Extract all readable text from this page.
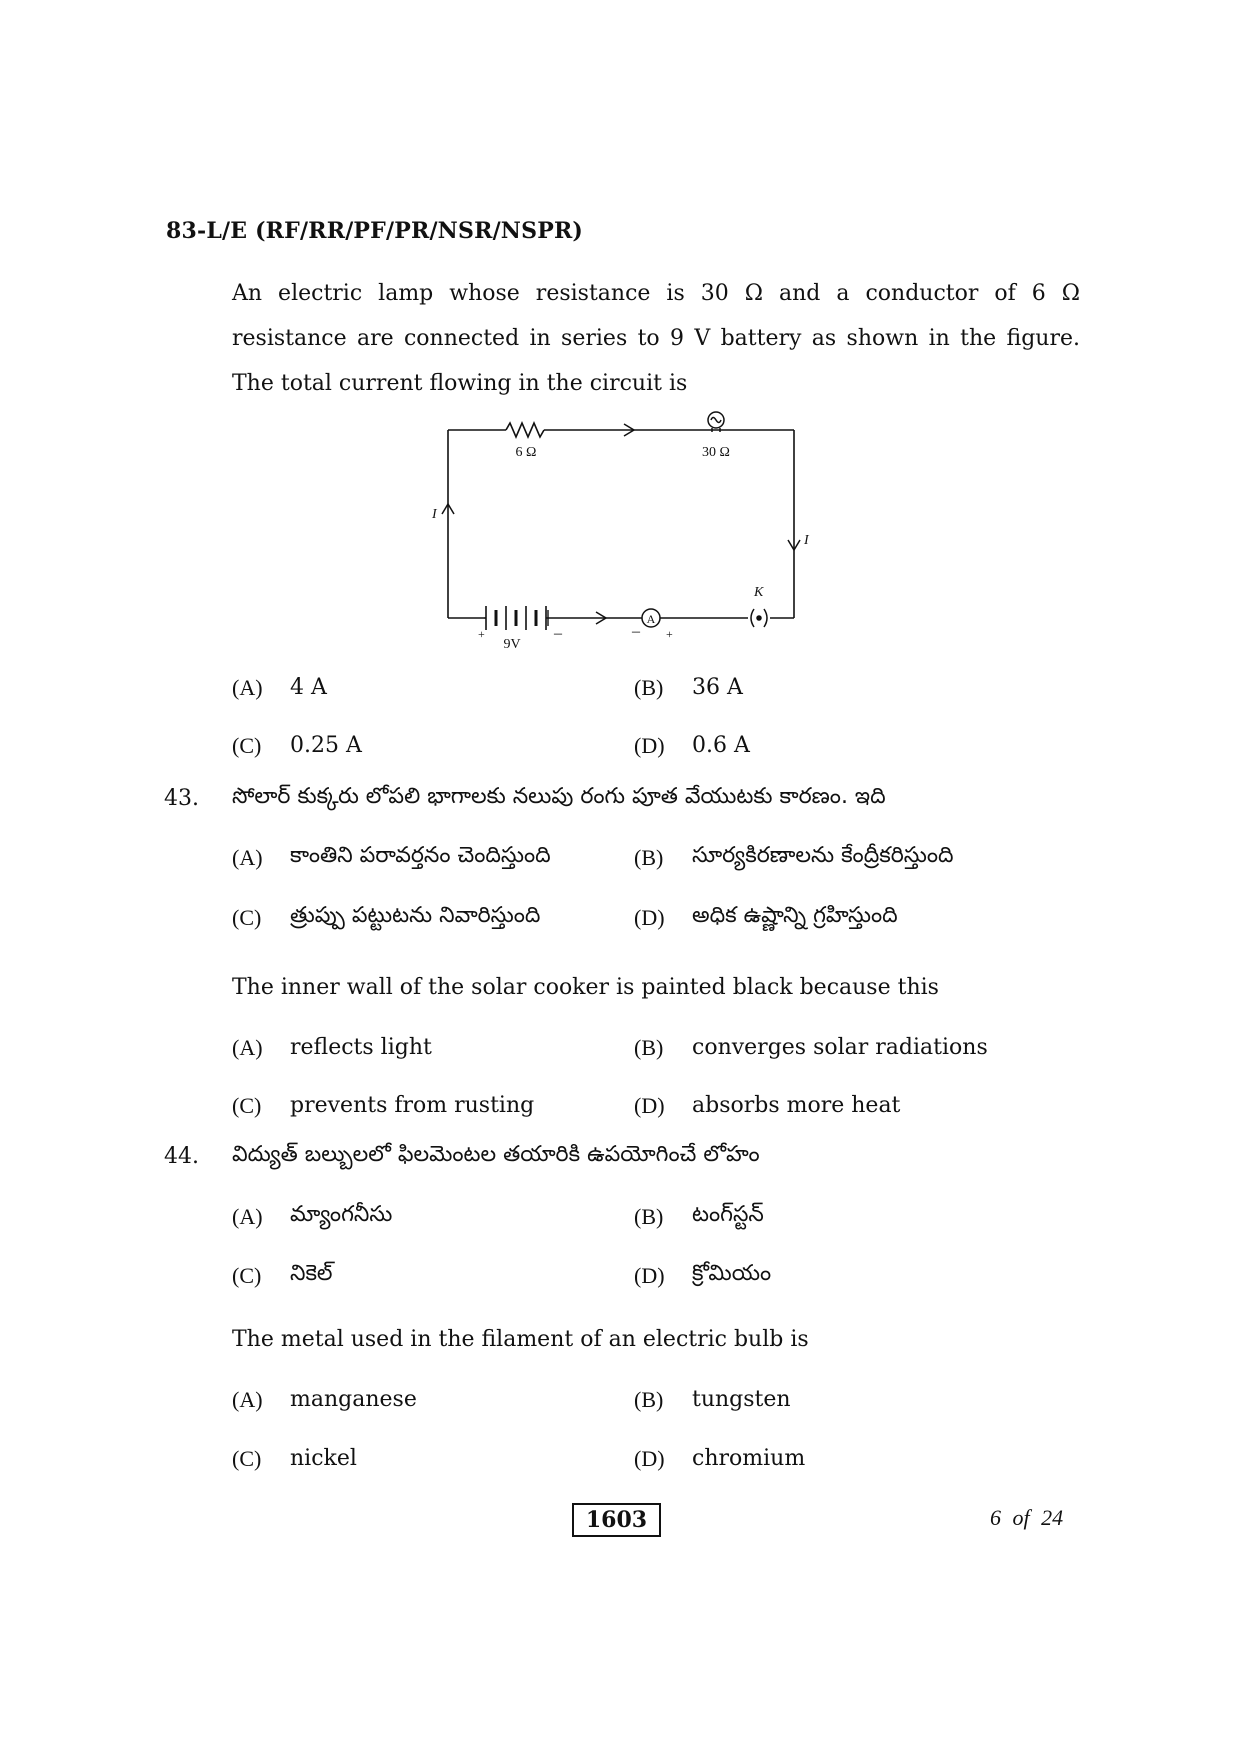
83-L/E (RF/RR/PF/PR/NSR/NSPR)
An electric lamp whose resistance is 30 Ω and a conductor of 6 Ω
resistance are connected in series to 9 V battery as shown in the figure.
The total current flowing in the circuit is
A
6 Ω	30 Ω
I
I
K
9V
+	–	– +
(A) 4 A	(B) 36 A
(C) 0.25 A	(D) 0.6 A
43. సోలార్ కుక్కరు లోపలి భాగాలకు నలుపు రంగు పూత వేయుటకు కారణం. ఇది
(A) కాంతిని పరావర్తనం చెందిస్తుంది	(B) సూర్యకిరణాలను కేంద్రీకరిస్తుంది
(C) త్రుప్పు పట్టుటను నివారిస్తుంది	(D) అధిక ఉష్ణాన్ని గ్రహిస్తుంది
The inner wall of the solar cooker is painted black because this
(A) reflects light	(B) converges solar radiations
(C) prevents from rusting	(D) absorbs more heat
44. విద్యుత్ బల్బులలో ఫిలమెంటల తయారికి ఉపయోగించే లోహం
(A) మ్యాంగనీసు	(B) టంగ్‌స్టన్
(C) నికెల్	(D) క్రోమియం
The metal used in the filament of an electric bulb is
(A) manganese	(B) tungsten
(C) nickel	(D) chromium
1603	6 of 24
